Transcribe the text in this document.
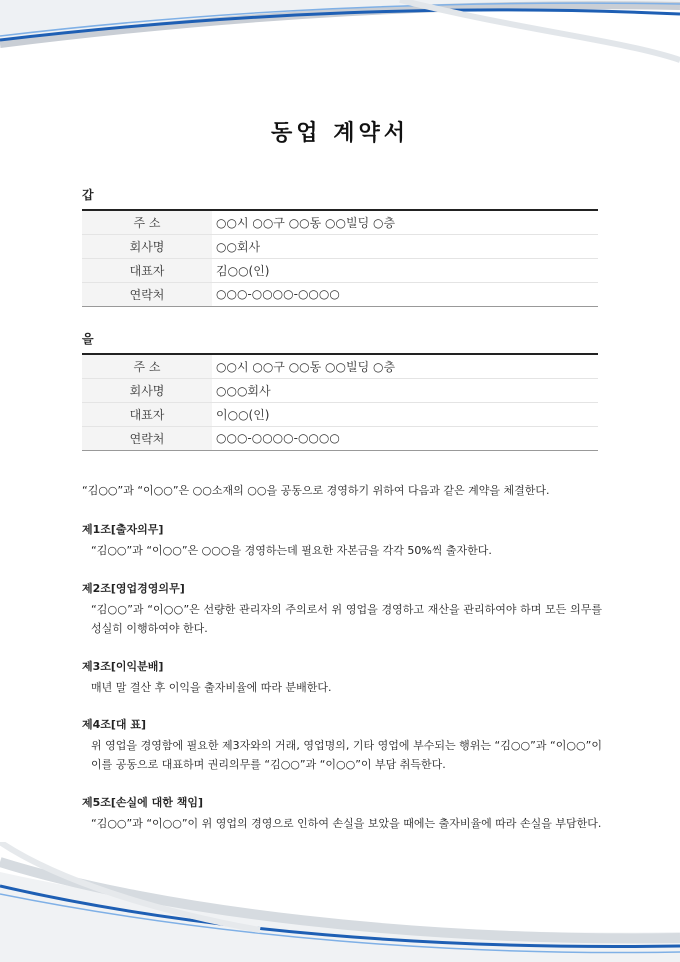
동업 계약서
갑
주 소	○○시 ○○구 ○○동 ○○빌딩 ○층
회사명	○○회사
대표자	김○○(인)
연락처	○○○-○○○○-○○○○
을
주 소	○○시 ○○구 ○○동 ○○빌딩 ○층
회사명	○○○회사
대표자	이○○(인)
연락처	○○○-○○○○-○○○○
“김○○”과 “이○○”은 ○○소재의 ○○을 공동으로 경영하기 위하여 다음과 같은 계약을 체결한다.
제1조[출자의무]

“김○○”과 “이○○”은 ○○○을 경영하는데 필요한 자본금을 각각 50%씩 출자한다.

제2조[영업경영의무]

“김○○”과 “이○○”은 선량한 관리자의 주의로서 위 영업을 경영하고 재산을 관리하여야 하며 모든 의무를 성실히 이행하여야 한다.

제3조[이익분배]

매년 말 결산 후 이익을 출자비율에 따라 분배한다.

제4조[대 표]

위 영업을 경영함에 필요한 제3자와의 거래, 영업명의, 기타 영업에 부수되는 행위는 “김○○”과 “이○○”이 이를 공동으로 대표하며 권리의무를 “김○○”과 “이○○”이 부담 취득한다.

제5조[손실에 대한 책임]

“김○○”과 “이○○”이 위 영업의 경영으로 인하여 손실을 보았을 때에는 출자비율에 따라 손실을 부담한다.
